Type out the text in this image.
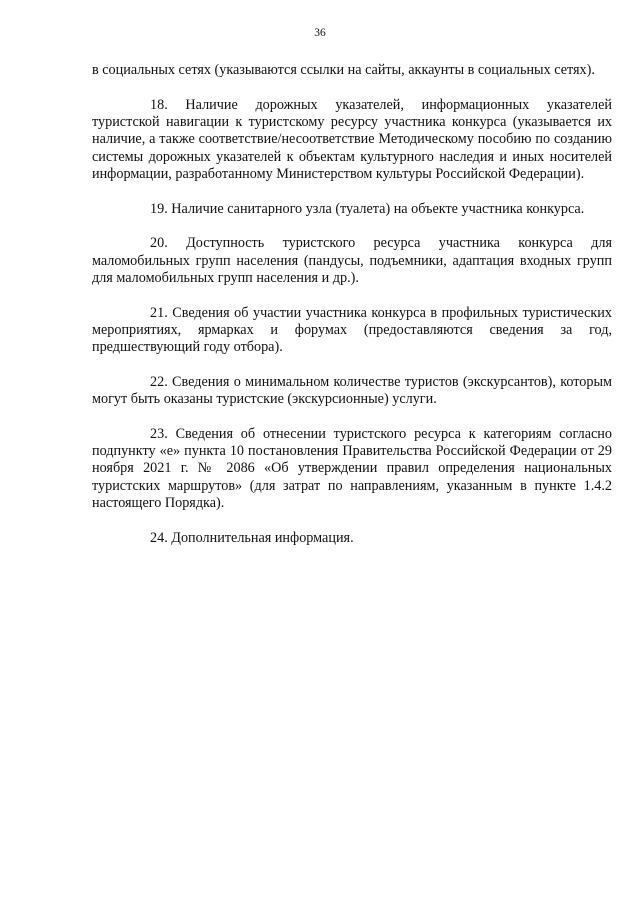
36

в социальных сетях (указываются ссылки на сайты, аккаунты в социальных сетях).

18. Наличие дорожных указателей, информационных указателей туристской навигации к туристскому ресурсу участника конкурса (указывается их наличие, а также соответствие/несоответствие Методическому пособию по созданию системы дорожных указателей к объектам культурного наследия и иных носителей информации, разработанному Министерством культуры Российской Федерации).

19. Наличие санитарного узла (туалета) на объекте участника конкурса.

20. Доступность туристского ресурса участника конкурса для маломобильных групп населения (пандусы, подъемники, адаптация входных групп для маломобильных групп населения и др.).

21. Сведения об участии участника конкурса в профильных туристических мероприятиях, ярмарках и форумах (предоставляются сведения за год, предшествующий году отбора).

22. Сведения о минимальном количестве туристов (экскурсантов), которым могут быть оказаны туристские (экскурсионные) услуги.

23. Сведения об отнесении туристского ресурса к категориям согласно подпункту «е» пункта 10 постановления Правительства Российской Федерации от 29 ноября 2021 г. № 2086 «Об утверждении правил определения национальных туристских маршрутов» (для затрат по направлениям, указанным в пункте 1.4.2 настоящего Порядка).

24. Дополнительная информация.
